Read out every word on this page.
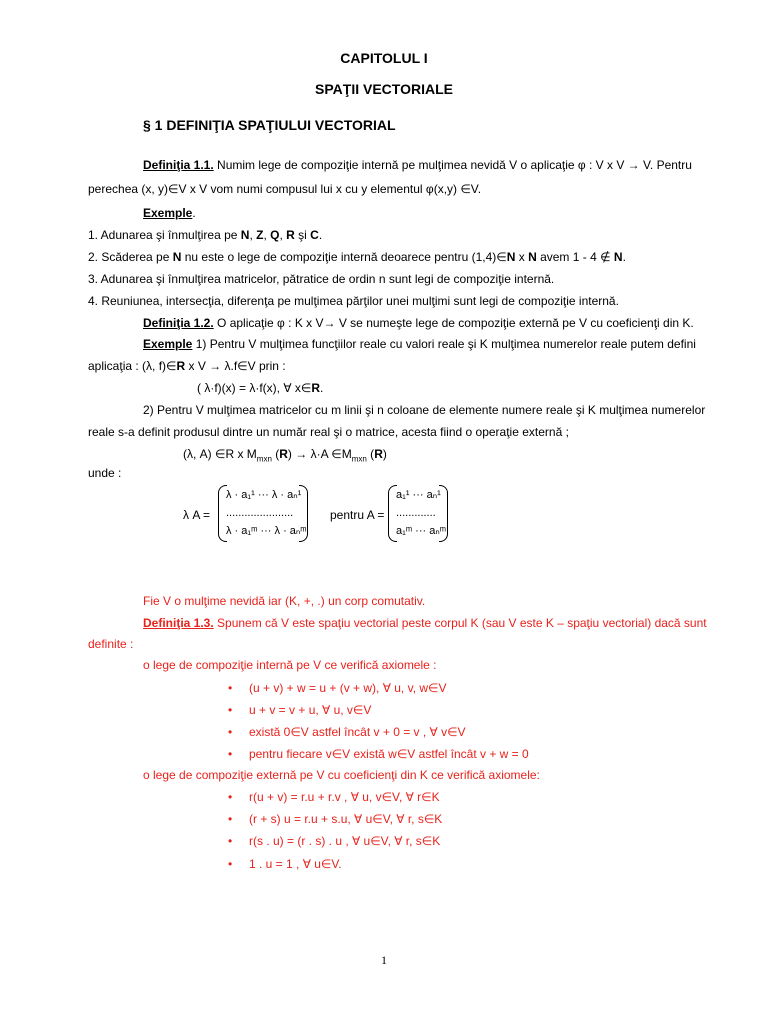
CAPITOLUL I
SPAŢII VECTORIALE
§ 1 DEFINIŢIA SPAŢIULUI VECTORIAL
Definiţia 1.1. Numim lege de compoziţie internă pe mulţimea nevidă V o aplicaţie φ : V x V → V. Pentru
perechea (x, y)∈V x V vom numi compusul lui x cu y elementul φ(x,y) ∈V.
Exemple.
1. Adunarea şi înmulţirea pe N, Z, Q, R şi C.
2. Scăderea pe N nu este o lege de compoziţie internă deoarece pentru (1,4)∈N x N avem 1 - 4 ∉ N.
3. Adunarea şi înmulţirea matricelor, pătratice de ordin n sunt legi de compoziţie internă.
4. Reuniunea, intersecţia, diferenţa pe mulţimea părţilor unei mulţimi sunt legi de compoziţie internă.
Definiţia 1.2. O aplicaţie φ : K x V→ V se numeşte lege de compoziţie externă pe V cu coeficienţi din K.
Exemple 1) Pentru V mulţimea funcţiilor reale cu valori reale şi K mulţimea numerelor reale putem defini
aplicaţia : (λ, f)∈R x V → λ.f∈V prin :
( λ·f)(x) = λ·f(x), ∀ x∈R.
2) Pentru V mulţimea matricelor cu m linii şi n coloane de elemente numere reale şi K mulţimea numerelor
reale s-a definit produsul dintre un număr real şi o matrice, acesta fiind o operaţie externă ;
(λ, A) ∈R x $M_{mxn}$ (R) → λ·A $\in M_{mxn}$ (R)
unde :
λ A =
λ · a₁¹ ··· λ · aₙ¹
......................
λ · a₁ᵐ ··· λ · aₙᵐ
pentru A =
a₁¹ ··· aₙ¹
.............
a₁ᵐ ··· aₙᵐ
Fie V o mulţime nevidă iar (K, +, .) un corp comutativ.
Definiţia 1.3. Spunem că V este spaţiu vectorial peste corpul K (sau V este K – spaţiu vectorial) dacă sunt
definite :
o lege de compoziţie internă pe V ce verifică axiomele :
• (u + v) + w = u + (v + w), ∀ u, v, w∈V
• u + v = v + u, ∀ u, v∈V
• există 0∈V astfel încât v + 0 = v , ∀ v∈V
• pentru fiecare v∈V există w∈V astfel încât v + w = 0
o lege de compoziţie externă pe V cu coeficienţi din K ce verifică axiomele:
• r(u + v) = r.u + r.v , ∀ u, v∈V, ∀ r∈K
• (r + s) u = r.u + s.u, ∀ u∈V, ∀ r, s∈K
• r(s . u) = (r . s) . u , ∀ u∈V, ∀ r, s∈K
• 1 . u = 1 , ∀ u∈V.
1
